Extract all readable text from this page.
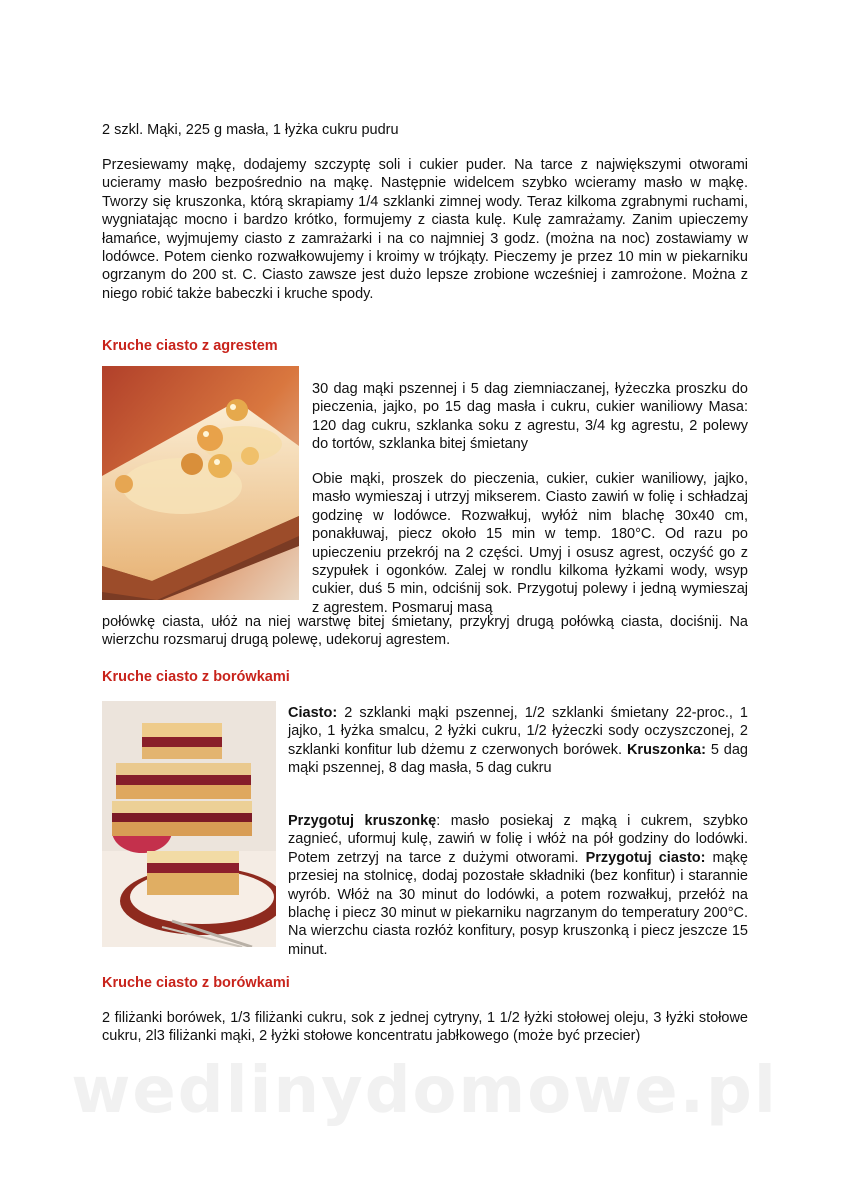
wedlinydomowe.pl

2 szkl. Mąki, 225 g masła, 1 łyżka cukru pudru

Przesiewamy mąkę, dodajemy szczyptę soli i cukier puder. Na tarce z największymi otworami ucieramy masło bezpośrednio na mąkę. Następnie widelcem szybko wcieramy masło w mąkę. Tworzy się kruszonka, którą skrapiamy 1/4 szklanki zimnej wody. Teraz kilkoma zgrabnymi ruchami, wygniatając mocno i bardzo krótko, formujemy z ciasta kulę. Kulę zamrażamy. Zanim upieczemy łamańce, wyjmujemy ciasto z zamrażarki i na co najmniej 3 godz. (można na noc) zostawiamy w lodówce. Potem cienko rozwałkowujemy i kroimy w trójkąty. Pieczemy je przez 10 min w piekarniku ogrzanym do 200 st. C. Ciasto zawsze jest dużo lepsze zrobione wcześniej i zamrożone. Można z niego robić także babeczki i kruche spody.

Kruche ciasto z agrestem

30 dag mąki pszennej i 5 dag ziemniaczanej, łyżeczka proszku do pieczenia, jajko, po 15 dag masła i cukru, cukier waniliowy Masa: 120 dag cukru, szklanka soku z agrestu, 3/4 kg agrestu, 2 polewy do tortów, szklanka bitej śmietany

Obie mąki, proszek do pieczenia, cukier, cukier waniliowy, jajko, masło wymieszaj i utrzyj mikserem. Ciasto zawiń w folię i schładzaj godzinę w lodówce. Rozwałkuj, wyłóż nim blachę 30x40 cm, ponakłuwaj, piecz około 15 min w temp. 180°C. Od razu po upieczeniu przekrój na 2 części. Umyj i osusz agrest, oczyść go z szypułek i ogonków. Zalej w rondlu kilkoma łyżkami wody, wsyp cukier, duś 5 min, odciśnij sok. Przygotuj polewy i jedną wymieszaj z agrestem. Posmaruj masą

połówkę ciasta, ułóż na niej warstwę bitej śmietany, przykryj drugą połówką ciasta, dociśnij. Na wierzchu rozsmaruj drugą polewę, udekoruj agrestem.

Kruche ciasto z borówkami

Ciasto: 2 szklanki mąki pszennej, 1/2 szklanki śmietany 22-proc., 1 jajko, 1 łyżka smalcu, 2 łyżki cukru, 1/2 łyżeczki sody oczyszczonej, 2 szklanki konfitur lub dżemu z czerwonych borówek. Kruszonka: 5 dag mąki pszennej, 8 dag masła, 5 dag cukru

Przygotuj kruszonkę: masło posiekaj z mąką i cukrem, szybko zagnieć, uformuj kulę, zawiń w folię i włóż na pół godziny do lodówki. Potem zetrzyj na tarce z dużymi otworami. Przygotuj ciasto: mąkę przesiej na stolnicę, dodaj pozostałe składniki (bez konfitur) i starannie wyrób. Włóż na 30 minut do lodówki, a potem rozwałkuj, przełóż na blachę i piecz 30 minut w piekarniku nagrzanym do temperatury 200°C. Na wierzchu ciasta rozłóż konfitury, posyp kruszonką i piecz jeszcze 15 minut.

Kruche ciasto z borówkami

2 filiżanki borówek, 1/3 filiżanki cukru, sok z jednej cytryny, 1 1/2 łyżki stołowej oleju, 3 łyżki stołowe cukru, 2l3 filiżanki mąki, 2 łyżki stołowe koncentratu jabłkowego (może być przecier)
